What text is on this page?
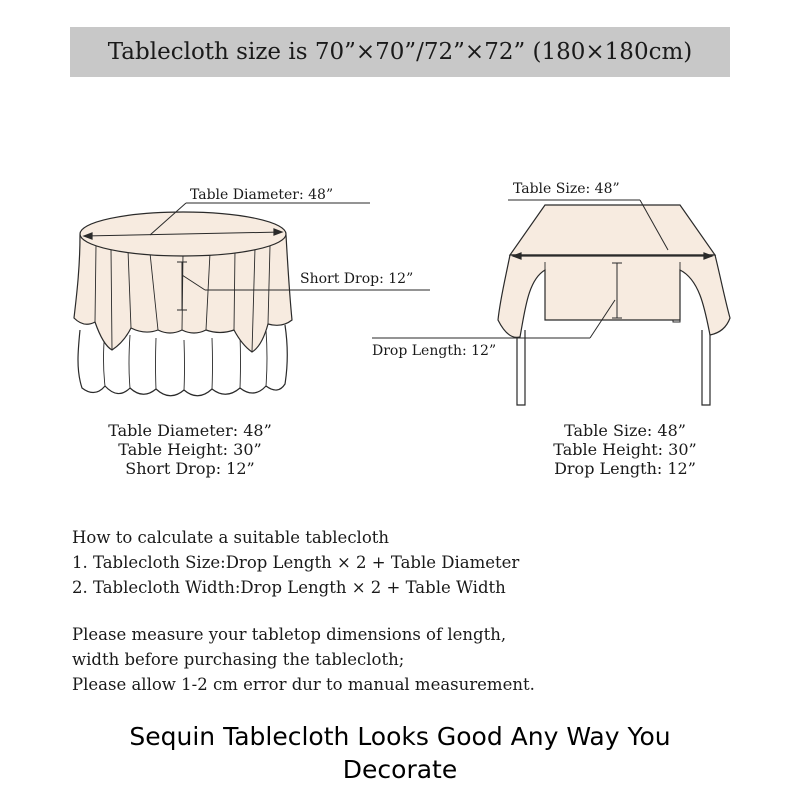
Tablecloth size is 70”×70”/72”×72” (180×180cm)
Table Diameter: 48”
Short Drop: 12”
Table Size: 48”
Drop Length: 12”
Table Diameter: 48”
Table Height: 30”
Short Drop: 12”
Table Size: 48”
Table Height: 30”
Drop Length: 12”
How to calculate a suitable tablecloth
1. Tablecloth Size:Drop Length × 2 + Table Diameter
2. Tablecloth Width:Drop Length × 2 + Table Width
Please measure your tabletop dimensions of length,
width before purchasing the tablecloth;
Please allow 1-2 cm error dur to manual measurement.
Sequin Tablecloth Looks Good Any Way You
Decorate
